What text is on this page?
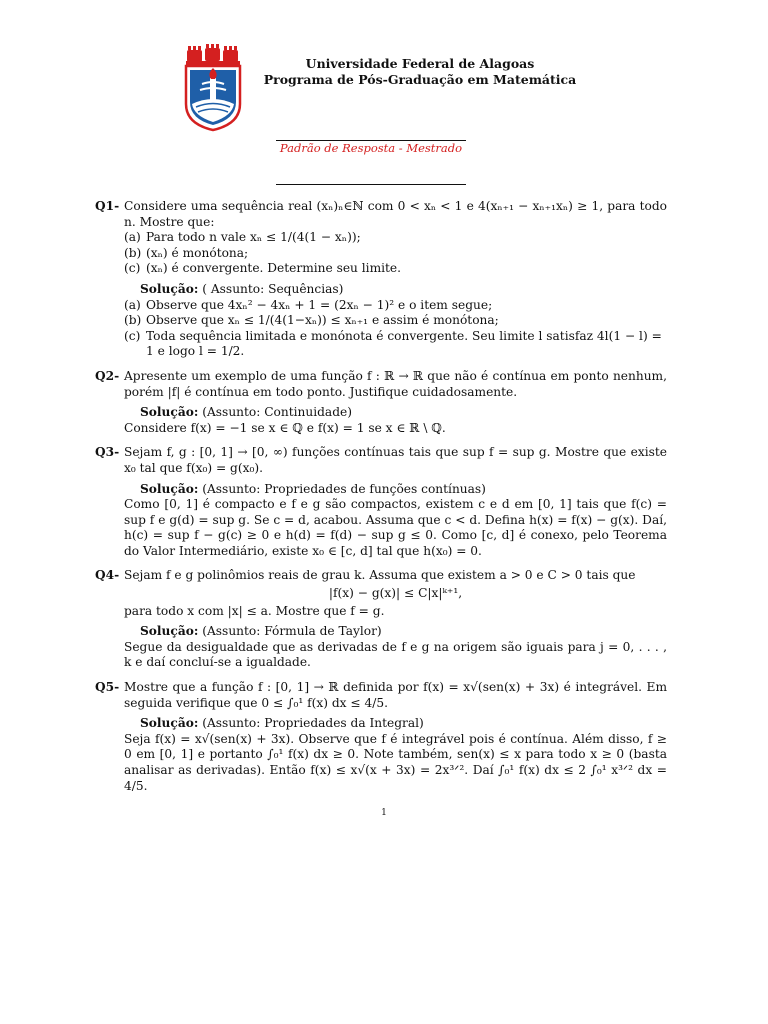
Universidade Federal de Alagoas
Programa de Pós-Graduação em Matemática
Padrão de Resposta - Mestrado
Q1- Considere uma sequência real (xₙ)ₙ∈ℕ com 0 < xₙ < 1 e 4(xₙ₊₁ − xₙ₊₁xₙ) ≥ 1, para todo n. Mostre que:
(a) Para todo n vale xₙ ≤ 1/(4(1 − xₙ));
(b) (xₙ) é monótona;
(c) (xₙ) é convergente. Determine seu limite.
Solução: ( Assunto: Sequências)
(a) Observe que 4xₙ² − 4xₙ + 1 = (2xₙ − 1)² e o item segue;
(b) Observe que xₙ ≤ 1/(4(1−xₙ)) ≤ xₙ₊₁ e assim é monótona;
(c) Toda sequência limitada e monónota é convergente. Seu limite l satisfaz 4l(1 − l) = 1 e logo l = 1/2.
Q2- Apresente um exemplo de uma função f : ℝ → ℝ que não é contínua em ponto nenhum, porém |f| é contínua em todo ponto. Justifique cuidadosamente.
Solução: (Assunto: Continuidade)
Considere f(x) = −1 se x ∈ ℚ e f(x) = 1 se x ∈ ℝ \ ℚ.
Q3- Sejam f, g : [0, 1] → [0, ∞) funções contínuas tais que sup f = sup g. Mostre que existe x₀ tal que f(x₀) = g(x₀).
Solução: (Assunto: Propriedades de funções contínuas)
Como [0, 1] é compacto e f e g são compactos, existem c e d em [0, 1] tais que f(c) = sup f e g(d) = sup g. Se c = d, acabou. Assuma que c < d. Defina h(x) = f(x) − g(x). Daí, h(c) = sup f − g(c) ≥ 0 e h(d) = f(d) − sup g ≤ 0. Como [c, d] é conexo, pelo Teorema do Valor Intermediário, existe x₀ ∈ [c, d] tal que h(x₀) = 0.
Q4- Sejam f e g polinômios reais de grau k. Assuma que existem a > 0 e C > 0 tais que
|f(x) − g(x)| ≤ C|x|ᵏ⁺¹,
para todo x com |x| ≤ a. Mostre que f = g.
Solução: (Assunto: Fórmula de Taylor)
Segue da desigualdade que as derivadas de f e g na origem são iguais para j = 0, . . . , k e daí concluí-se a igualdade.
Q5- Mostre que a função f : [0, 1] → ℝ definida por f(x) = x√(sen(x) + 3x) é integrável. Em seguida verifique que 0 ≤ ∫₀¹ f(x) dx ≤ 4/5.
Solução: (Assunto: Propriedades da Integral)
Seja f(x) = x√(sen(x) + 3x). Observe que f é integrável pois é contínua. Além disso, f ≥ 0 em [0, 1] e portanto ∫₀¹ f(x) dx ≥ 0. Note também, sen(x) ≤ x para todo x ≥ 0 (basta analisar as derivadas). Então f(x) ≤ x√(x + 3x) = 2x³ᐟ². Daí ∫₀¹ f(x) dx ≤ 2 ∫₀¹ x³ᐟ² dx = 4/5.
1
